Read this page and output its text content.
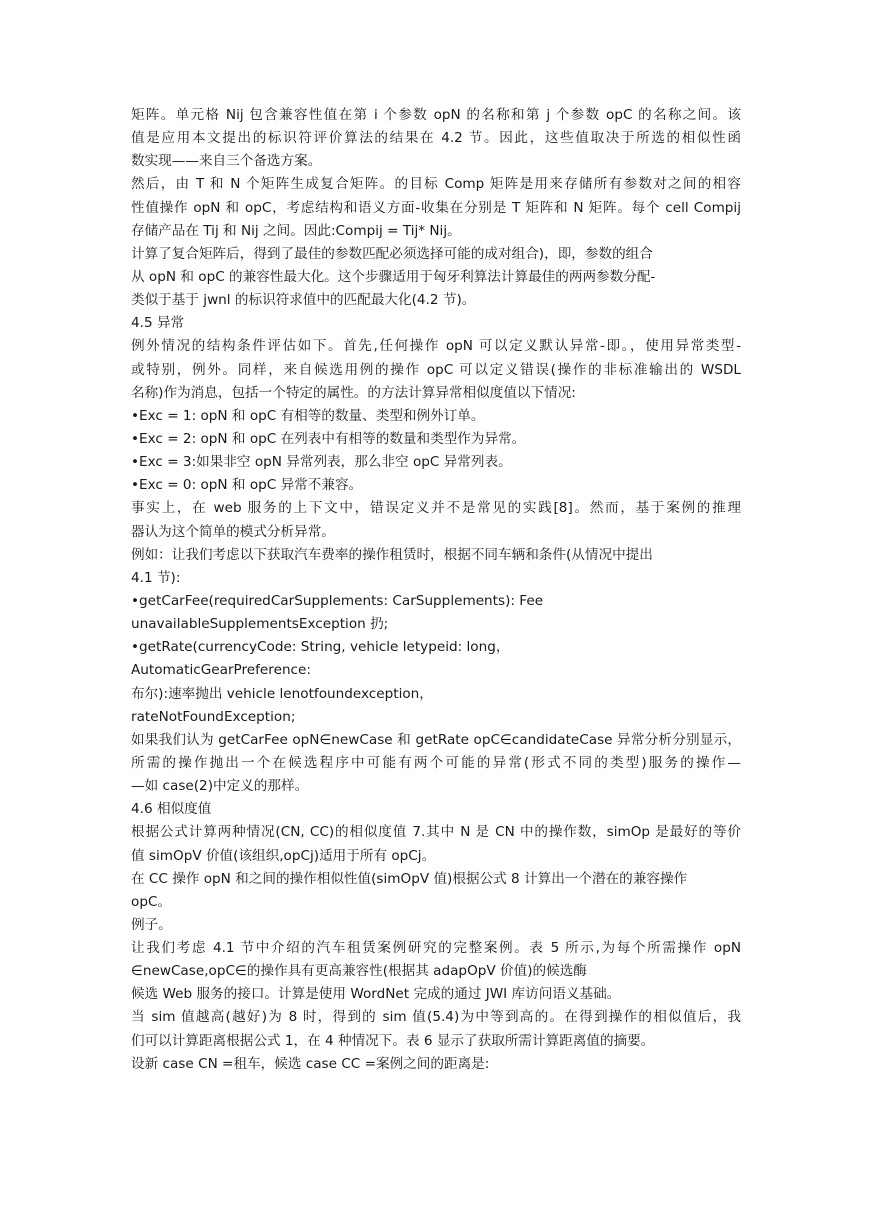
矩阵。单元格 Nij 包含兼容性值在第 i 个参数 opN 的名称和第 j 个参数 opC 的名称之间。该
值是应用本文提出的标识符评价算法的结果在 4.2 节。因此，这些值取决于所选的相似性函
数实现——来自三个备选方案。
然后，由 T 和 N 个矩阵生成复合矩阵。的目标 Comp 矩阵是用来存储所有参数对之间的相容
性值操作 opN 和 opC，考虑结构和语义方面-收集在分别是 T 矩阵和 N 矩阵。每个 cell Compij
存储产品在 Tij 和 Nij 之间。因此:Compij = Tij* Nij。
计算了复合矩阵后，得到了最佳的参数匹配必须选择可能的成对组合)，即，参数的组合
从 opN 和 opC 的兼容性最大化。这个步骤适用于匈牙利算法计算最佳的两两参数分配-
类似于基于 jwnl 的标识符求值中的匹配最大化(4.2 节)。
4.5 异常
例外情况的结构条件评估如下。首先,任何操作 opN 可以定义默认异常-即。，使用异常类型-
或特别，例外。同样，来自候选用例的操作 opC 可以定义错误(操作的非标准输出的 WSDL
名称)作为消息，包括一个特定的属性。的方法计算异常相似度值以下情况:
•Exc = 1: opN 和 opC 有相等的数量、类型和例外订单。
•Exc = 2: opN 和 opC 在列表中有相等的数量和类型作为异常。
•Exc = 3:如果非空 opN 异常列表，那么非空 opC 异常列表。
•Exc = 0: opN 和 opC 异常不兼容。
事实上，在 web 服务的上下文中，错误定义并不是常见的实践[8]。然而，基于案例的推理
器认为这个简单的模式分析异常。
例如：让我们考虑以下获取汽车费率的操作租赁时，根据不同车辆和条件(从情况中提出
4.1 节):
•getCarFee(requiredCarSupplements: CarSupplements): Fee
unavailableSupplementsException 扔;
•getRate(currencyCode: String, vehicle letypeid: long，
AutomaticGearPreference:
布尔):速率抛出 vehicle lenotfoundexception，
rateNotFoundException;
如果我们认为 getCarFee opN∈newCase 和 getRate opC∈candidateCase 异常分析分别显示，
所需的操作抛出一个在候选程序中可能有两个可能的异常(形式不同的类型)服务的操作—
—如 case(2)中定义的那样。
4.6 相似度值
根据公式计算两种情况(CN, CC)的相似度值 7.其中 N 是 CN 中的操作数，simOp 是最好的等价
值 simOpV 价值(该组织,opCj)适用于所有 opCj。
在 CC 操作 opN 和之间的操作相似性值(simOpV 值)根据公式 8 计算出一个潜在的兼容操作
opC。
例子。
让我们考虑 4.1 节中介绍的汽车租赁案例研究的完整案例。表 5 所示,为每个所需操作 opN
∈newCase,opC∈的操作具有更高兼容性(根据其 adapOpV 价值)的候选酶
候选 Web 服务的接口。计算是使用 WordNet 完成的通过 JWI 库访问语义基础。
当 sim 值越高(越好)为 8 时，得到的 sim 值(5.4)为中等到高的。在得到操作的相似值后，我
们可以计算距离根据公式 1，在 4 种情况下。表 6 显示了获取所需计算距离值的摘要。
设新 case CN =租车，候选 case CC =案例之间的距离是:
